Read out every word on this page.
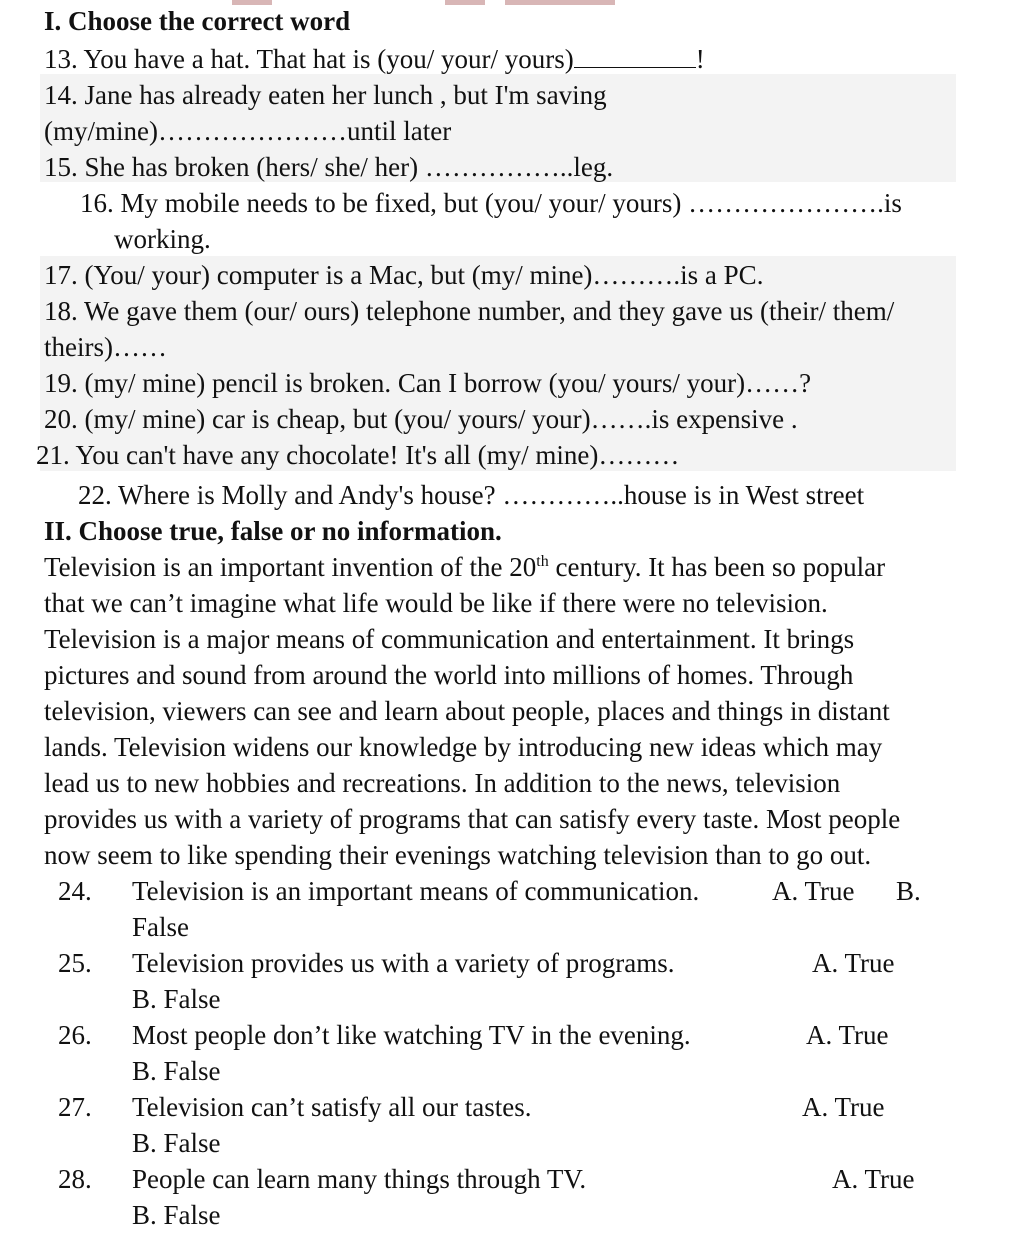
I. Choose the correct word
13. You have a hat. That hat is (you/ your/ yours)	!
14. Jane has already eaten her lunch , but I'm saving
(my/mine)…………………until later
15. She has broken (hers/ she/ her) ……………..leg.
16. My mobile needs to be fixed, but (you/ your/ yours) ………………….is
working.
17. (You/ your) computer is a Mac, but (my/ mine)……….is a PC.
18. We gave them (our/ ours) telephone number, and they gave us (their/ them/
theirs)……
19. (my/ mine) pencil is broken. Can I borrow (you/ yours/ your)……?
20. (my/ mine) car is cheap, but (you/ yours/ your)…….is expensive .
21. You can't have any chocolate! It's all (my/ mine)………
22. Where is Molly and Andy's house? …………..house is in West street
II. Choose true, false or no information.
Television is an important invention of the 20th century. It has been so popular
that we can’t imagine what life would be like if there were no television.
Television is a major means of communication and entertainment. It brings
pictures and sound from around the world into millions of homes. Through
television, viewers can see and learn about people, places and things in distant
lands. Television widens our knowledge by introducing new ideas which may
lead us to new hobbies and recreations. In addition to the news, television
provides us with a variety of programs that can satisfy every taste. Most people
now seem to like spending their evenings watching television than to go out.
24. Television is an important means of communication.	A. True B.
False
25. Television provides us with a variety of programs.	A. True
B. False
26. Most people don’t like watching TV in the evening.	A. True
B. False
27. Television can’t satisfy all our tastes.	A. True
B. False
28. People can learn many things through TV.	A. True
B. False
